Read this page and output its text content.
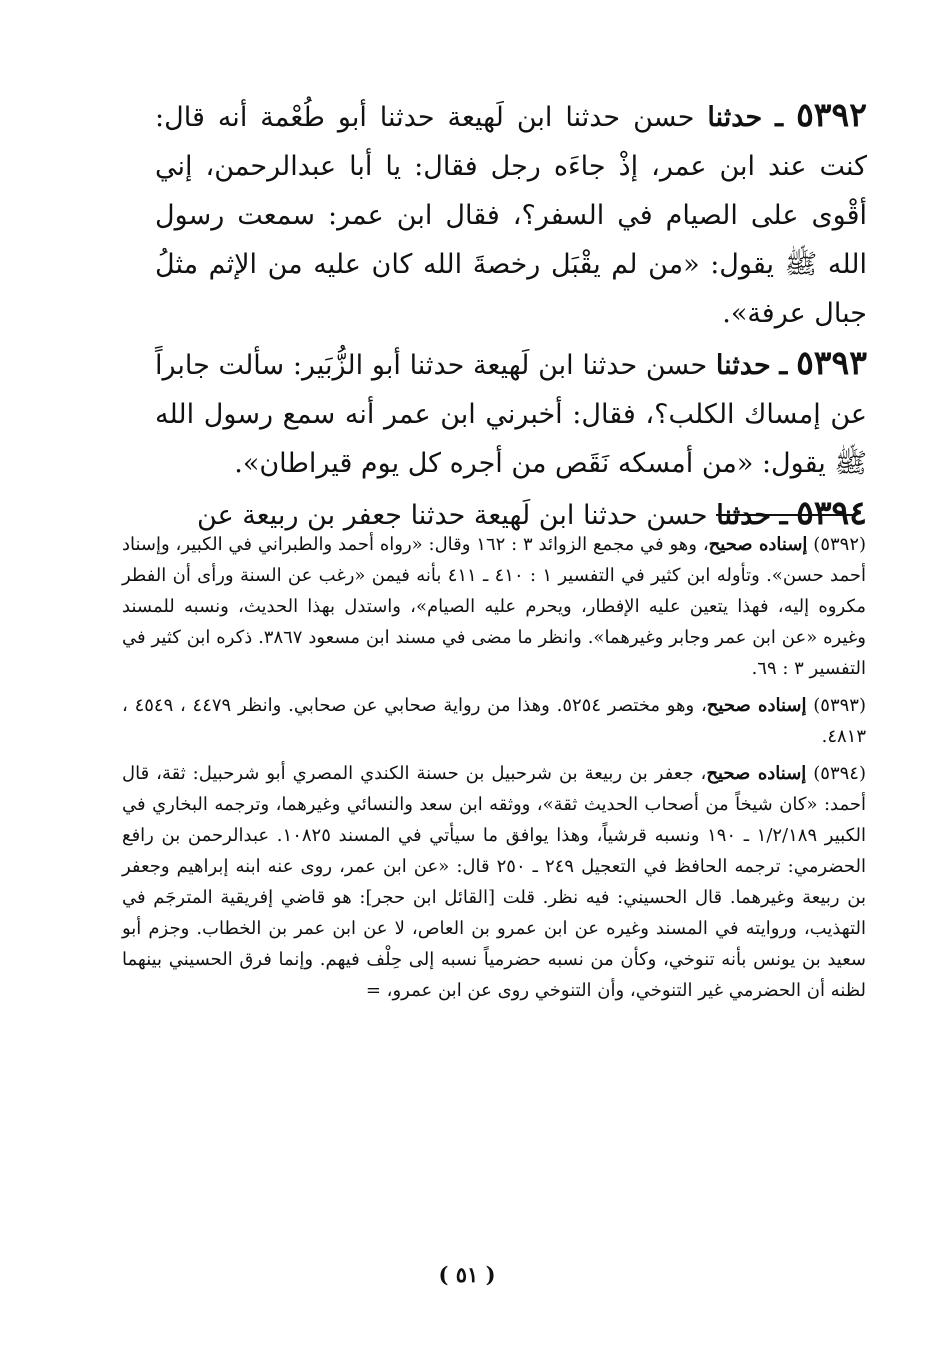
٥٣٩٢ ـ حدثنا حسن حدثنا ابن لَهيعة حدثنا أبو طُعْمة أنه قال: كنت عند ابن عمر، إذْ جاءَه رجل فقال: يا أبا عبدالرحمن، إني أقْوى على الصيام في السفر؟، فقال ابن عمر: سمعت رسول الله ﷺ يقول: «من لم يقْبَل رخصةَ الله كان عليه من الإثم مثلُ جبال عرفة».

٥٣٩٣ ـ حدثنا حسن حدثنا ابن لَهيعة حدثنا أبو الزُّبَير: سألت جابراً عن إمساك الكلب؟، فقال: أخبرني ابن عمر أنه سمع رسول الله ﷺ يقول: «من أمسكه نَقَص من أجره كل يوم قيراطان».

٥٣٩٤ ـ حدثنا حسن حدثنا ابن لَهيعة حدثنا جعفر بن ربيعة عن

(٥٣٩٢) إسناده صحيح، وهو في مجمع الزوائد ٣ : ١٦٢ وقال: «رواه أحمد والطبراني في الكبير، وإسناد أحمد حسن». وتأوله ابن كثير في التفسير ١ : ٤١٠ ـ ٤١١ بأنه فيمن «رغب عن السنة ورأى أن الفطر مكروه إليه، فهذا يتعين عليه الإفطار، ويحرم عليه الصيام»، واستدل بهذا الحديث، ونسبه للمسند وغيره «عن ابن عمر وجابر وغيرهما». وانظر ما مضى في مسند ابن مسعود ٣٨٦٧. ذكره ابن كثير في التفسير ٣ : ٦٩.

(٥٣٩٣) إسناده صحيح، وهو مختصر ٥٢٥٤. وهذا من رواية صحابي عن صحابي. وانظر ٤٤٧٩ ، ٤٥٤٩ ، ٤٨١٣.

(٥٣٩٤) إسناده صحيح، جعفر بن ربيعة بن شرحبيل بن حسنة الكندي المصري أبو شرحبيل: ثقة، قال أحمد: «كان شيخاً من أصحاب الحديث ثقة»، ووثقه ابن سعد والنسائي وغيرهما، وترجمه البخاري في الكبير ١/٢/١٨٩ ـ ١٩٠ ونسبه قرشياً، وهذا يوافق ما سيأتي في المسند ١٠٨٢٥. عبدالرحمن بن رافع الحضرمي: ترجمه الحافظ في التعجيل ٢٤٩ ـ ٢٥٠ قال: «عن ابن عمر، روى عنه ابنه إبراهيم وجعفر بن ربيعة وغيرهما. قال الحسيني: فيه نظر. قلت [القائل ابن حجر]: هو قاضي إفريقية المترجَم في التهذيب، وروايته في المسند وغيره عن ابن عمرو بن العاص، لا عن ابن عمر بن الخطاب. وجزم أبو سعيد بن يونس بأنه تنوخي، وكأن من نسبه حضرمياً نسبه إلى حِلْف فيهم. وإنما فرق الحسيني بينهما لظنه أن الحضرمي غير التنوخي، وأن التنوخي روى عن ابن عمرو، =

( ٥١ )
